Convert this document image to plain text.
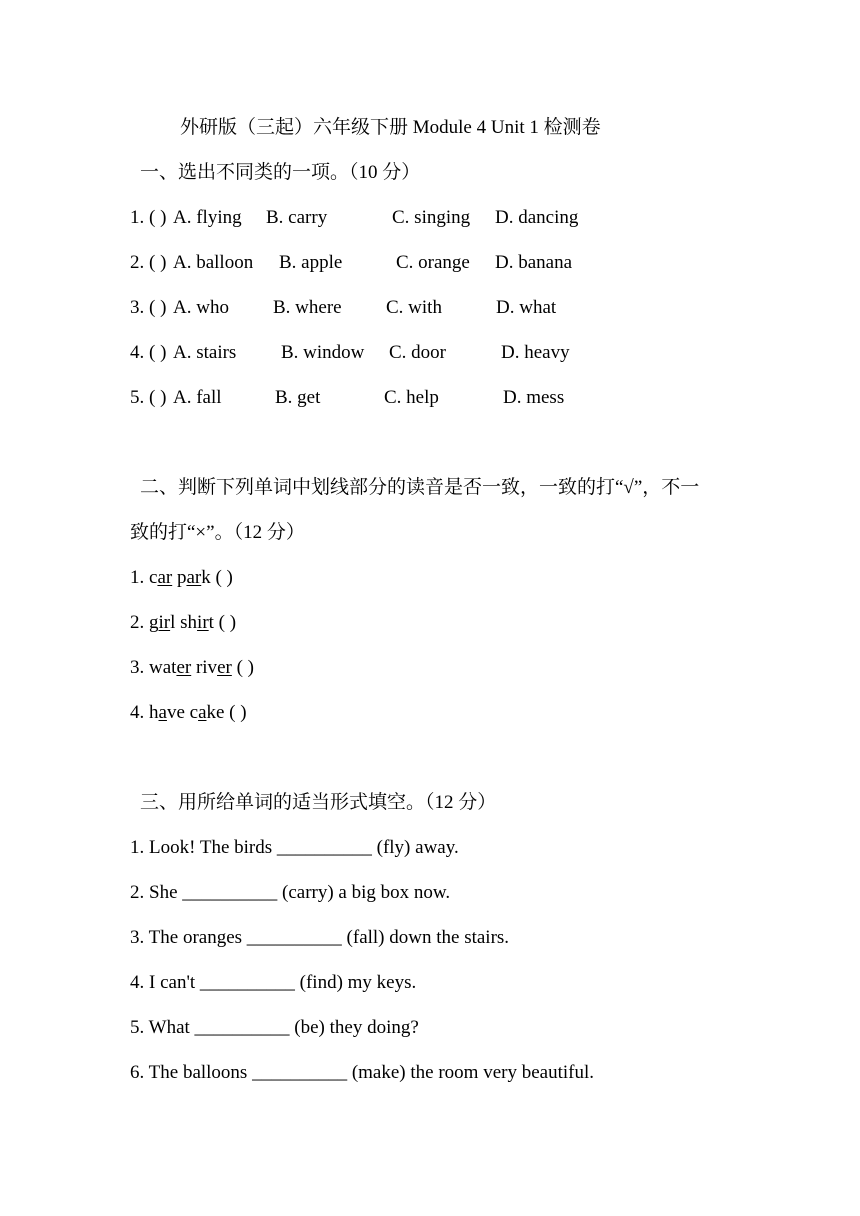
外研版（三起）六年级下册 Module 4 Unit 1 检测卷
一、选出不同类的一项。（10 分）
1. ( ) A. flying B. carry	C. singing D. dancing
2. ( ) A. balloon B. apple	C. orange D. banana
3. ( ) A. who B. where C. with	D. what
4. ( ) A. stairs B. window C. door	D. heavy
5. ( ) A. fall	B. get	C. help	D. mess
二、判断下列单词中划线部分的读音是否一致，一致的打“√”，不一
致的打“×”。（12 分）
1. car park ( )
2. girl shirt ( )
3. water river ( )
4. have cake ( )
三、用所给单词的适当形式填空。（12 分）
1. Look! The birds __________ (fly) away.
2. She __________ (carry) a big box now.
3. The oranges __________ (fall) down the stairs.
4. I can't __________ (find) my keys.
5. What __________ (be) they doing?
6. The balloons __________ (make) the room very beautiful.
